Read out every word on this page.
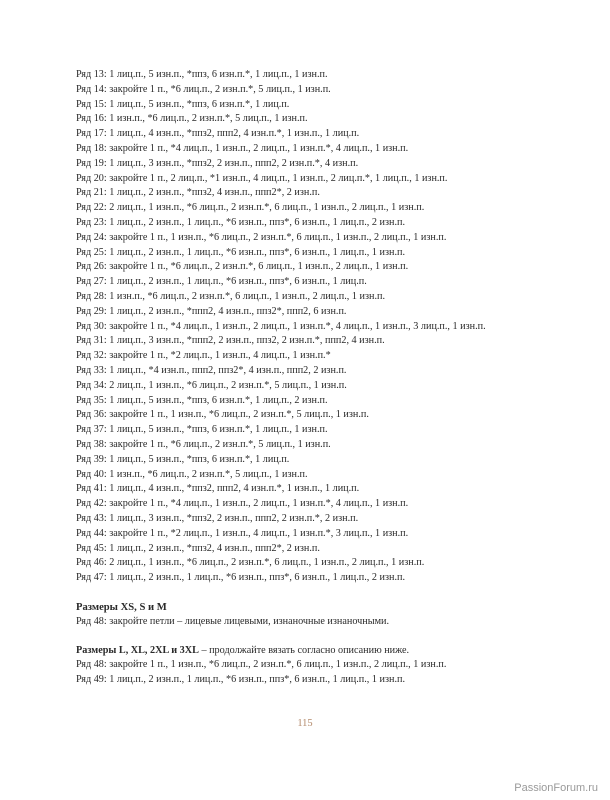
Ряд 13: 1 лиц.п., 5 изн.п., *ппз, 6 изн.п.*, 1 лиц.п., 1 изн.п.

Ряд 14: закройте 1 п., *6 лиц.п., 2 изн.п.*, 5 лиц.п., 1 изн.п.

Ряд 15: 1 лиц.п., 5 изн.п., *ппз, 6 изн.п.*, 1 лиц.п.

Ряд 16: 1 изн.п., *6 лиц.п., 2 изн.п.*, 5 лиц.п., 1 изн.п.

Ряд 17: 1 лиц.п., 4 изн.п., *ппз2, ппп2, 4 изн.п.*, 1 изн.п., 1 лиц.п.

Ряд 18: закройте 1 п., *4 лиц.п., 1 изн.п., 2 лиц.п., 1 изн.п.*, 4 лиц.п., 1 изн.п.

Ряд 19: 1 лиц.п., 3 изн.п., *ппз2, 2 изн.п., ппп2, 2 изн.п.*, 4 изн.п.

Ряд 20: закройте 1 п., 2 лиц.п., *1 изн.п., 4 лиц.п., 1 изн.п., 2 лиц.п.*, 1 лиц.п., 1 изн.п.

Ряд 21: 1 лиц.п., 2 изн.п., *ппз2, 4 изн.п., ппп2*, 2 изн.п.

Ряд 22: 2 лиц.п., 1 изн.п., *6 лиц.п., 2 изн.п.*, 6 лиц.п., 1 изн.п., 2 лиц.п., 1 изн.п.

Ряд 23: 1 лиц.п., 2 изн.п., 1 лиц.п., *6 изн.п., ппз*, 6 изн.п., 1 лиц.п., 2 изн.п.

Ряд 24: закройте 1 п., 1 изн.п., *6 лиц.п., 2 изн.п.*, 6 лиц.п., 1 изн.п., 2 лиц.п., 1 изн.п.

Ряд 25: 1 лиц.п., 2 изн.п., 1 лиц.п., *6 изн.п., ппз*, 6 изн.п., 1 лиц.п., 1 изн.п.

Ряд 26: закройте 1 п., *6 лиц.п., 2 изн.п.*, 6 лиц.п., 1 изн.п., 2 лиц.п., 1 изн.п.

Ряд 27: 1 лиц.п., 2 изн.п., 1 лиц.п., *6 изн.п., ппз*, 6 изн.п., 1 лиц.п.

Ряд 28: 1 изн.п., *6 лиц.п., 2 изн.п.*, 6 лиц.п., 1 изн.п., 2 лиц.п., 1 изн.п.

Ряд 29: 1 лиц.п., 2 изн.п., *ппп2, 4 изн.п., ппз2*, ппп2, 6 изн.п.

Ряд 30: закройте 1 п., *4 лиц.п., 1 изн.п., 2 лиц.п., 1 изн.п.*, 4 лиц.п., 1 изн.п., 3 лиц.п., 1 изн.п.

Ряд 31: 1 лиц.п., 3 изн.п., *ппп2, 2 изн.п., ппз2, 2 изн.п.*, ппп2, 4 изн.п.

Ряд 32: закройте 1 п., *2 лиц.п., 1 изн.п., 4 лиц.п., 1 изн.п.*

Ряд 33: 1 лиц.п., *4 изн.п., ппп2, ппз2*, 4 изн.п., ппп2, 2 изн.п.

Ряд 34: 2 лиц.п., 1 изн.п., *6 лиц.п., 2 изн.п.*, 5 лиц.п., 1 изн.п.

Ряд 35: 1 лиц.п., 5 изн.п., *ппз, 6 изн.п.*, 1 лиц.п., 2 изн.п.

Ряд 36: закройте 1 п., 1 изн.п., *6 лиц.п., 2 изн.п.*, 5 лиц.п., 1 изн.п.

Ряд 37: 1 лиц.п., 5 изн.п., *ппз, 6 изн.п.*, 1 лиц.п., 1 изн.п.

Ряд 38: закройте 1 п., *6 лиц.п., 2 изн.п.*, 5 лиц.п., 1 изн.п.

Ряд 39: 1 лиц.п., 5 изн.п., *ппз, 6 изн.п.*, 1 лиц.п.

Ряд 40: 1 изн.п., *6 лиц.п., 2 изн.п.*, 5 лиц.п., 1 изн.п.

Ряд 41: 1 лиц.п., 4 изн.п., *ппз2, ппп2, 4 изн.п.*, 1 изн.п., 1 лиц.п.

Ряд 42: закройте 1 п., *4 лиц.п., 1 изн.п., 2 лиц.п., 1 изн.п.*, 4 лиц.п., 1 изн.п.

Ряд 43: 1 лиц.п., 3 изн.п., *ппз2, 2 изн.п., ппп2, 2 изн.п.*, 2 изн.п.

Ряд 44: закройте 1 п., *2 лиц.п., 1 изн.п., 4 лиц.п., 1 изн.п.*, 3 лиц.п., 1 изн.п.

Ряд 45: 1 лиц.п., 2 изн.п., *ппз2, 4 изн.п., ппп2*, 2 изн.п.

Ряд 46: 2 лиц.п., 1 изн.п., *6 лиц.п., 2 изн.п.*, 6 лиц.п., 1 изн.п., 2 лиц.п., 1 изн.п.

Ряд 47: 1 лиц.п., 2 изн.п., 1 лиц.п., *6 изн.п., ппз*, 6 изн.п., 1 лиц.п., 2 изн.п.

Размеры XS, S и M

Ряд 48: закройте петли – лицевые лицевыми, изнаночные изнаночными.

Размеры L, XL, 2XL и 3XL – продолжайте вязать согласно описанию ниже.

Ряд 48: закройте 1 п., 1 изн.п., *6 лиц.п., 2 изн.п.*, 6 лиц.п., 1 изн.п., 2 лиц.п., 1 изн.п.

Ряд 49: 1 лиц.п., 2 изн.п., 1 лиц.п., *6 изн.п., ппз*, 6 изн.п., 1 лиц.п., 1 изн.п.

115
PassionForum.ru
